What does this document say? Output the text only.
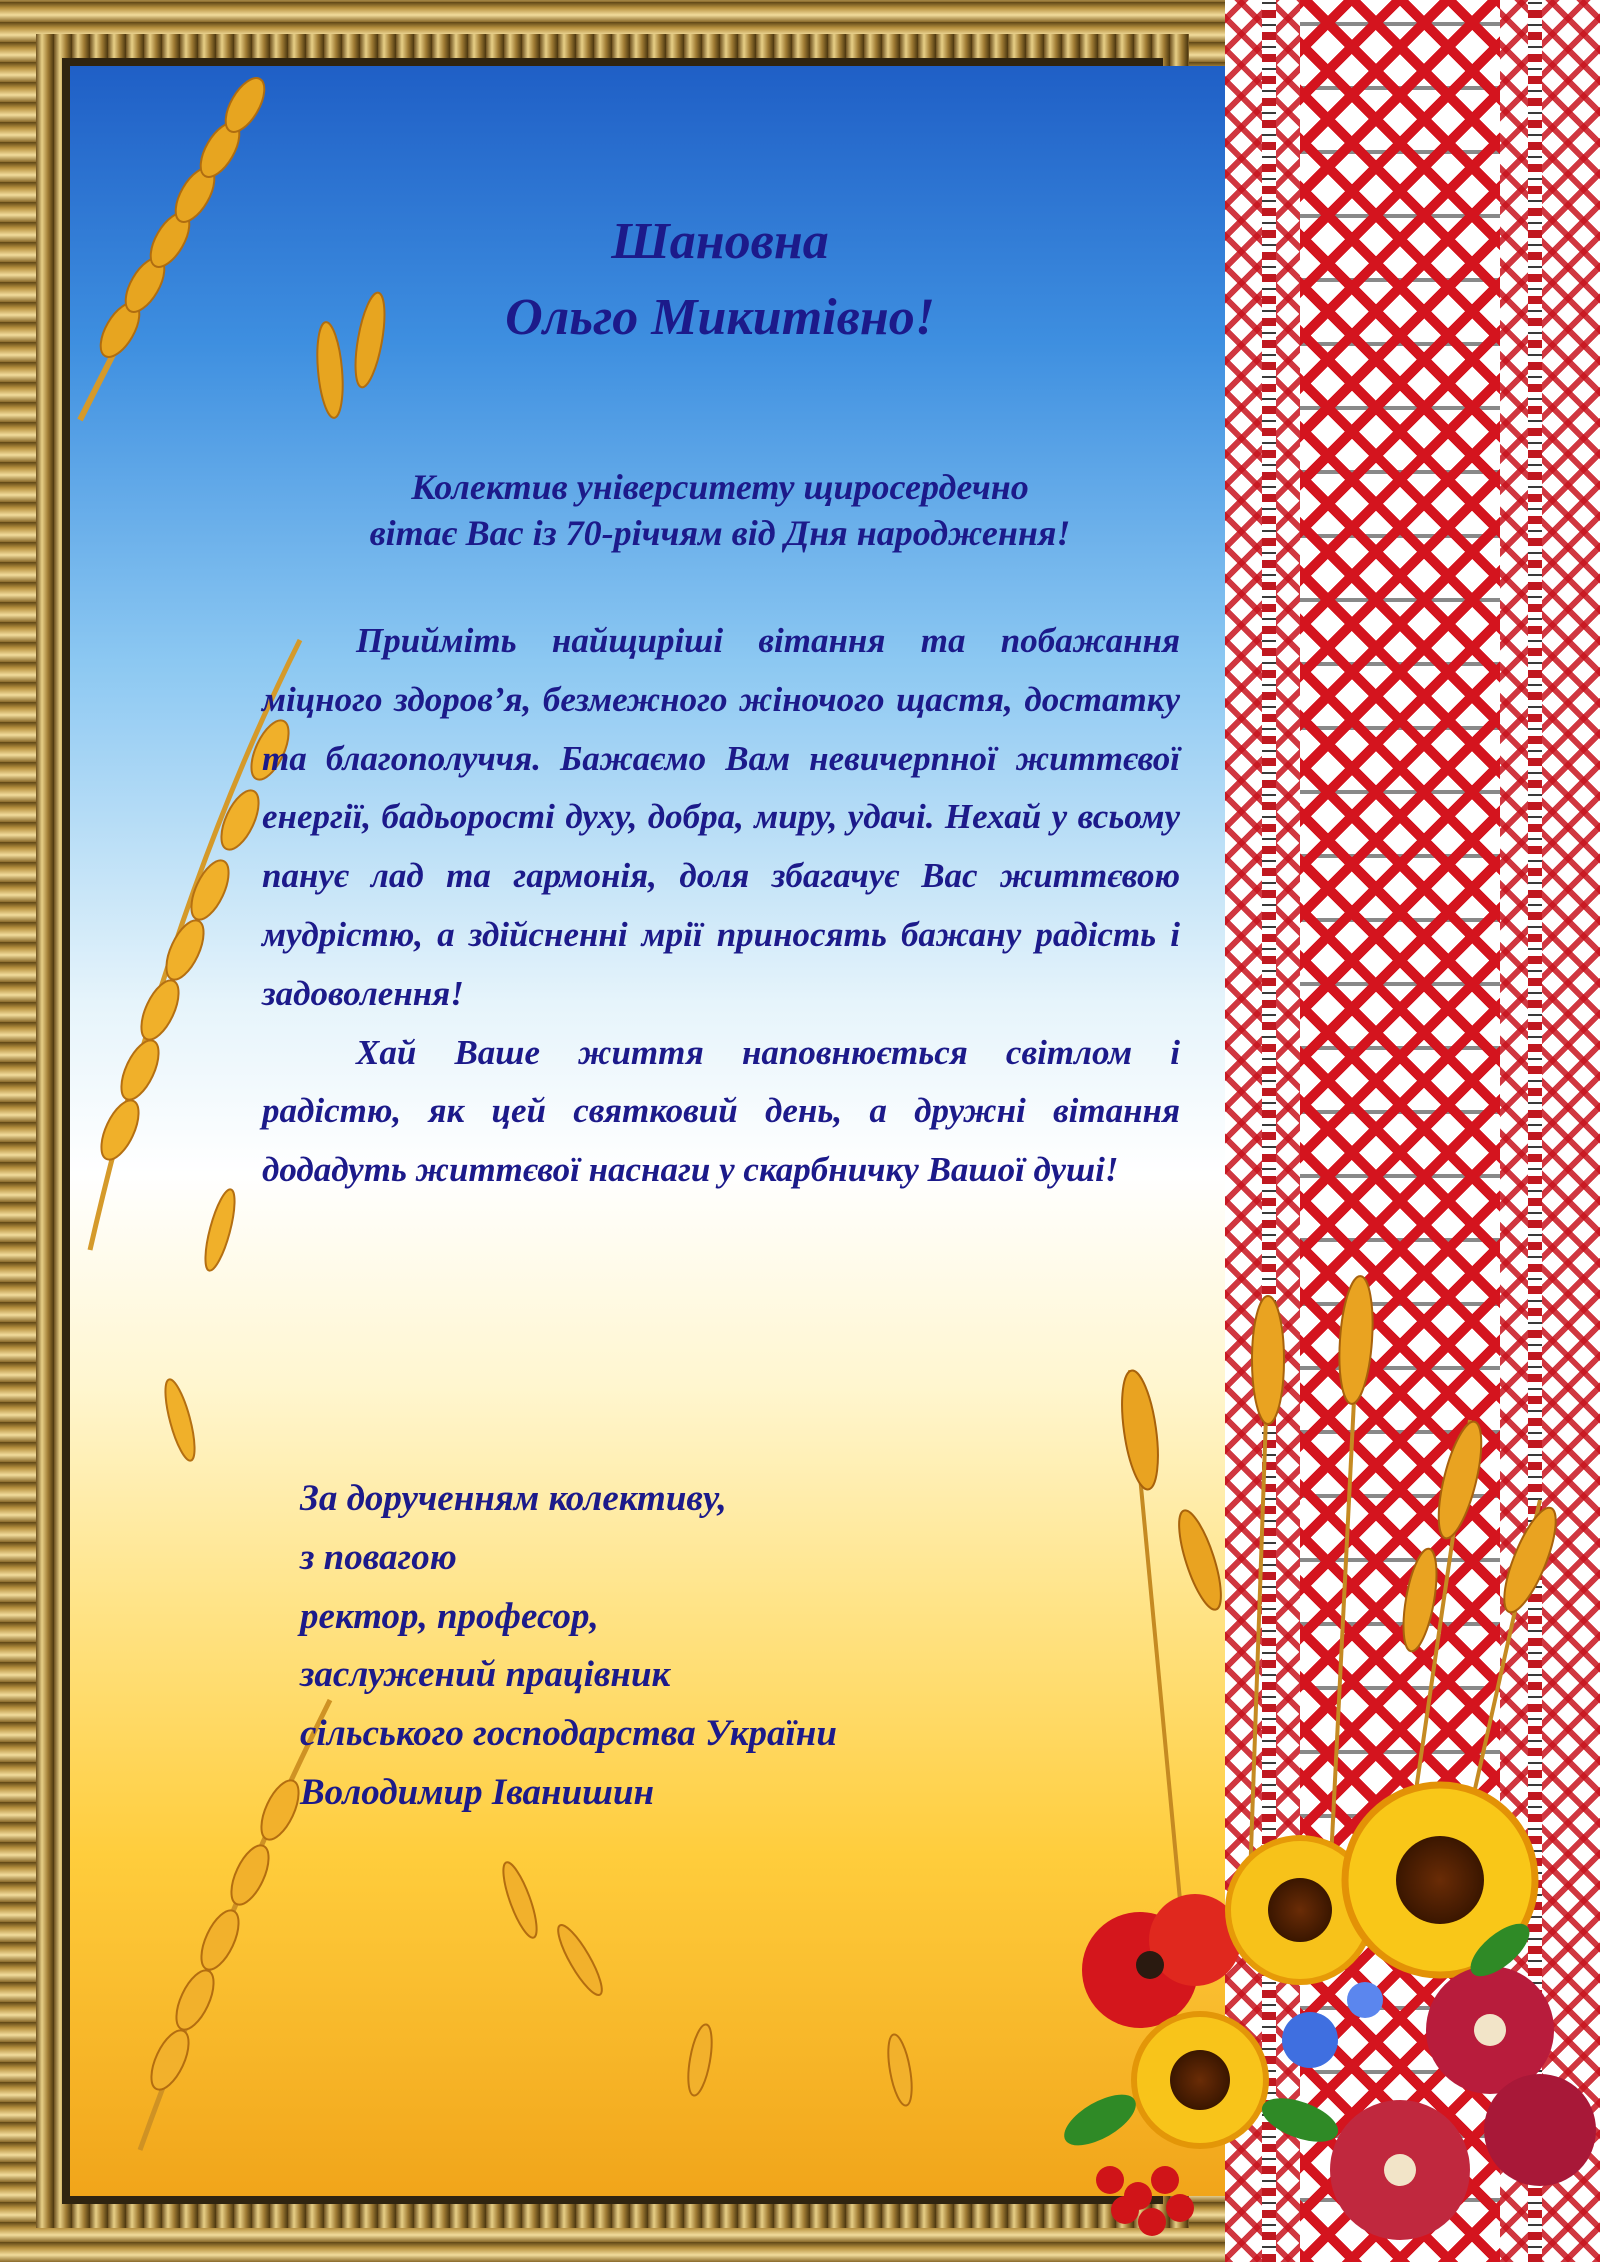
Шановна
Ольго Микитівно!
Колектив університету щиросердечно
вітає Вас із 70-річчям від Дня народження!

Прийміть найщиріші вітання та побажання міцного здоров’я, безмежного жіночого щастя, достатку та благополуччя. Бажаємо Вам невичерпної життєвої енергії, бадьорості духу, добра, миру, удачі. Нехай у всьому панує лад та гармонія, доля збагачує Вас життєвою мудрістю, а здійсненні мрії приносять бажану радість і задоволення!

Хай Ваше життя наповнюється світлом і радістю, як цей святковий день, а дружні вітання додадуть життєвої наснаги у скарбничку Вашої душі!

За дорученням колективу,
з повагою
ректор, професор,
заслужений працівник
сільського господарства України
Володимир Іванишин
